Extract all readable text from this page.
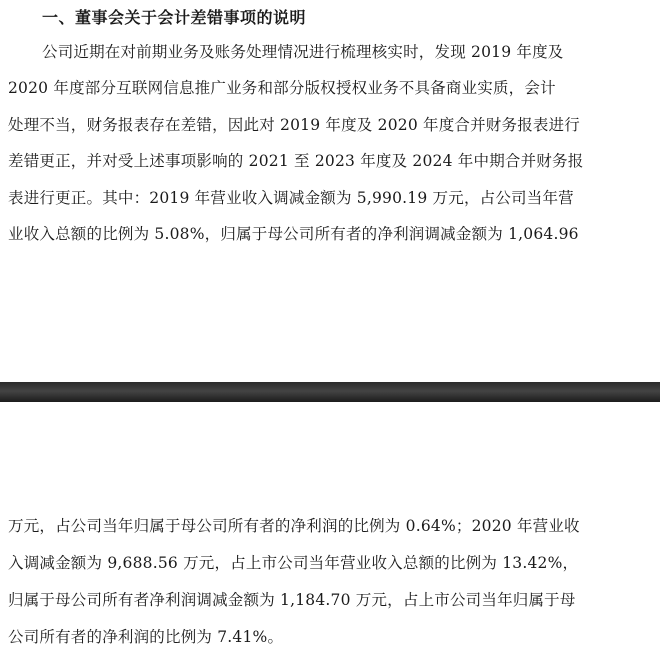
一、董事会关于会计差错事项的说明
公司近期在对前期业务及账务处理情况进行梳理核实时，发现 2019 年度及
2020 年度部分互联网信息推广业务和部分版权授权业务不具备商业实质，会计
处理不当，财务报表存在差错，因此对 2019 年度及 2020 年度合并财务报表进行
差错更正，并对受上述事项影响的 2021 至 2023 年度及 2024 年中期合并财务报
表进行更正。其中：2019 年营业收入调减金额为 5,990.19 万元，占公司当年营
业收入总额的比例为 5.08%，归属于母公司所有者的净利润调减金额为 1,064.96
万元，占公司当年归属于母公司所有者的净利润的比例为 0.64%；2020 年营业收
入调减金额为 9,688.56 万元，占上市公司当年营业收入总额的比例为 13.42%，
归属于母公司所有者净利润调减金额为 1,184.70 万元，占上市公司当年归属于母
公司所有者的净利润的比例为 7.41%。
